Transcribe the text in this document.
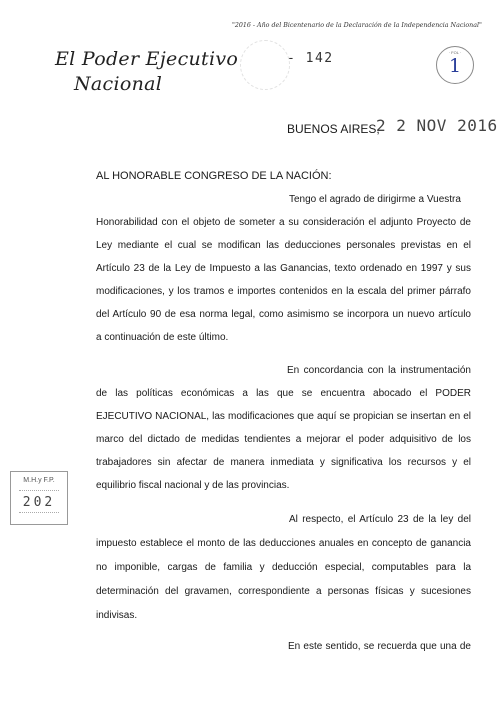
"2016 - Año del Bicentenario de la Declaración de la Independencia Nacional"
El Poder Ejecutivo
Nacional
- 142	· FOL ·
1
BUENOS AIRES,
2 2 NOV 2016
AL HONORABLE CONGRESO DE LA NACIÓN:
Tengo el agrado de dirigirme a Vuestra
Honorabilidad con el objeto de someter a su consideración el adjunto Proyecto de
Ley mediante el cual se modifican las deducciones personales previstas en el
Artículo 23 de la Ley de Impuesto a las Ganancias, texto ordenado en 1997 y sus
modificaciones, y los tramos e importes contenidos en la escala del primer párrafo
del Artículo 90 de esa norma legal, como asimismo se incorpora un nuevo artículo
a continuación de este último.
En concordancia con la instrumentación
de las políticas económicas a las que se encuentra abocado el PODER
EJECUTIVO NACIONAL, las modificaciones que aquí se propician se insertan en el
marco del dictado de medidas tendientes a mejorar el poder adquisitivo de los
trabajadores sin afectar de manera inmediata y significativa los recursos y el
equilibrio fiscal nacional y de las provincias.
Al respecto, el Artículo 23 de la ley del
impuesto establece el monto de las deducciones anuales en concepto de ganancia
no imponible, cargas de familia y deducción especial, computables para la
determinación del gravamen, correspondiente a personas físicas y sucesiones
indivisas.
En este sentido, se recuerda que una de
M.H.y F.P.
202
